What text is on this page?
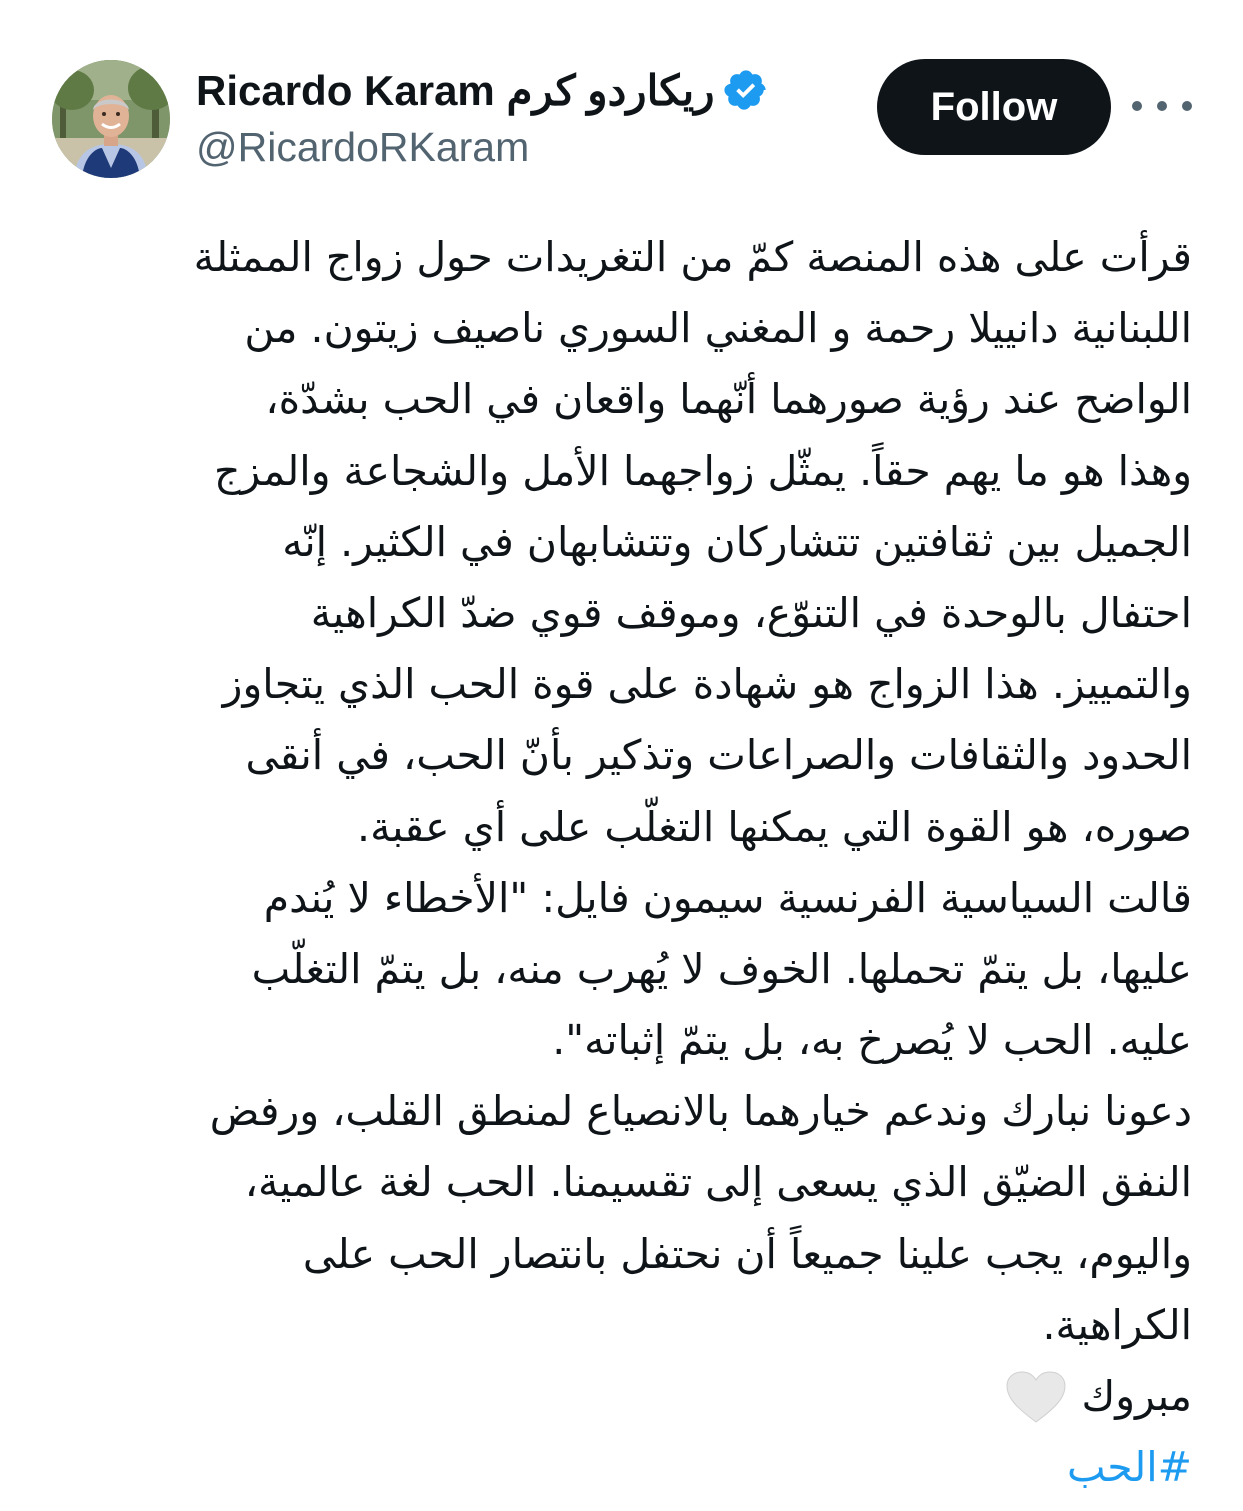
Ricardo Karam ريكاردو كرم
@RicardoRKaram
Follow
قرأت على هذه المنصة كمّ من التغريدات حول زواج الممثلة
اللبنانية دانييلا رحمة و المغني السوري ناصيف زيتون. من
الواضح عند رؤية صورهما أنّهما واقعان في الحب بشدّة،
وهذا هو ما يهم حقاً. يمثّل زواجهما الأمل والشجاعة والمزج
الجميل بين ثقافتين تتشاركان وتتشابهان في الكثير. إنّه
احتفال بالوحدة في التنوّع، وموقف قوي ضدّ الكراهية
والتمييز. هذا الزواج هو شهادة على قوة الحب الذي يتجاوز
الحدود والثقافات والصراعات وتذكير بأنّ الحب، في أنقى
صوره، هو القوة التي يمكنها التغلّب على أي عقبة.
قالت السياسية الفرنسية سيمون فايل: "الأخطاء لا يُندم
عليها، بل يتمّ تحملها. الخوف لا يُهرب منه، بل يتمّ التغلّب
عليه. الحب لا يُصرخ به، بل يتمّ إثباته".
دعونا نبارك وندعم خيارهما بالانصياع لمنطق القلب، ورفض
النفق الضيّق الذي يسعى إلى تقسيمنا. الحب لغة عالمية،
واليوم، يجب علينا جميعاً أن نحتفل بانتصار الحب على
الكراهية.
مبروك
#الحب
